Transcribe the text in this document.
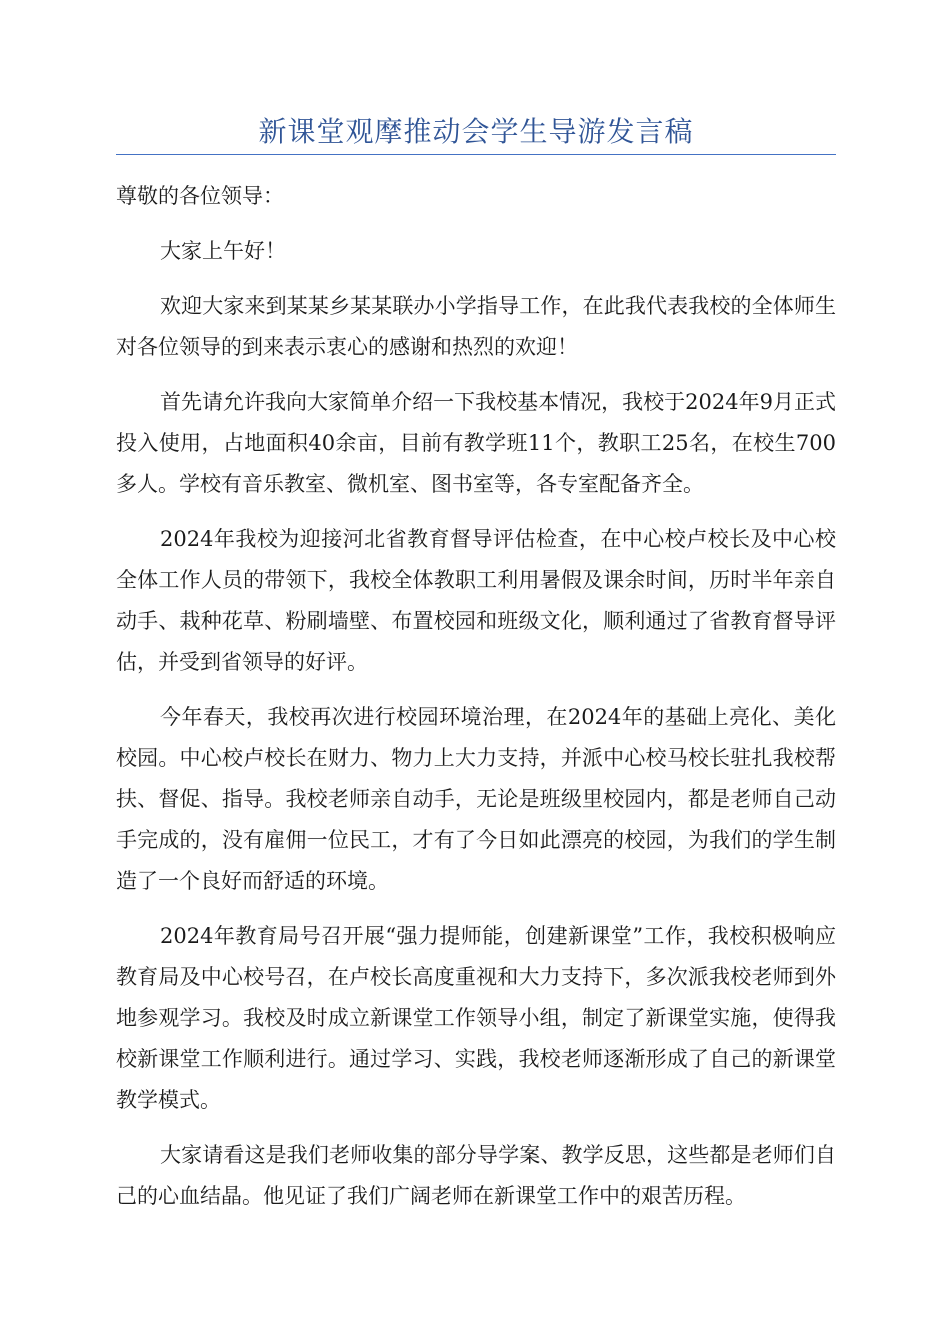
新课堂观摩推动会学生导游发言稿

尊敬的各位领导：

大家上午好！

欢迎大家来到某某乡某某联办小学指导工作，在此我代表我校的全体师生对各位领导的到来表示衷心的感谢和热烈的欢迎！

首先请允许我向大家简单介绍一下我校基本情况，我校于2024年9月正式投入使用，占地面积40余亩，目前有教学班11个，教职工25名，在校生700多人。学校有音乐教室、微机室、图书室等，各专室配备齐全。

2024年我校为迎接河北省教育督导评估检查，在中心校卢校长及中心校全体工作人员的带领下，我校全体教职工利用暑假及课余时间，历时半年亲自动手、栽种花草、粉刷墙壁、布置校园和班级文化，顺利通过了省教育督导评估，并受到省领导的好评。

今年春天，我校再次进行校园环境治理，在2024年的基础上亮化、美化校园。中心校卢校长在财力、物力上大力支持，并派中心校马校长驻扎我校帮扶、督促、指导。我校老师亲自动手，无论是班级里校园内，都是老师自己动手完成的，没有雇佣一位民工，才有了今日如此漂亮的校园，为我们的学生制造了一个良好而舒适的环境。

2024年教育局号召开展“强力提师能，创建新课堂”工作，我校积极响应教育局及中心校号召，在卢校长高度重视和大力支持下，多次派我校老师到外地参观学习。我校及时成立新课堂工作领导小组，制定了新课堂实施，使得我校新课堂工作顺利进行。通过学习、实践，我校老师逐渐形成了自己的新课堂教学模式。

大家请看这是我们老师收集的部分导学案、教学反思，这些都是老师们自己的心血结晶。他见证了我们广阔老师在新课堂工作中的艰苦历程。
